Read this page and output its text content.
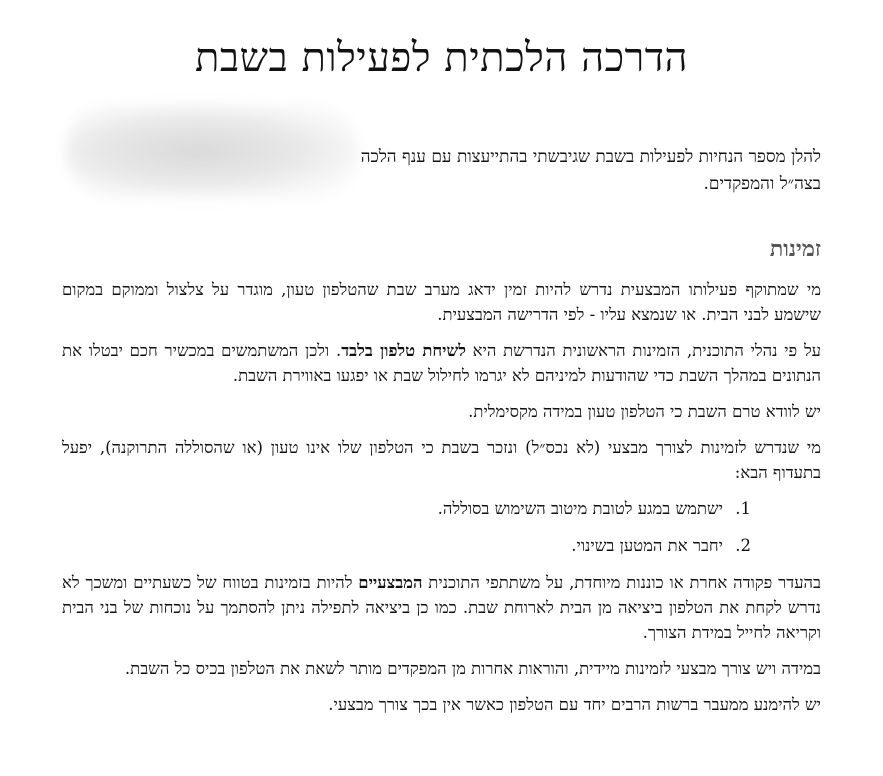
הדרכה הלכתית לפעילות בשבת
להלן מספר הנחיות לפעילות בשבת שגיבשתי בהתייעצות עם ענף הלכה בצה״ל והמפקדים.
זמינות

מי שמתוקף פעילותו המבצעית נדרש להיות זמין ידאג מערב שבת שהטלפון טעון, מוגדר על צלצול וממוקם במקום שישמע לבני הבית. או שנמצא עליו - לפי הדרישה המבצעית.

על פי נהלי התוכנית, הזמינות הראשונית הנדרשת היא לשיחת טלפון בלבד. ולכן המשתמשים במכשיר חכם יבטלו את הנתונים במהלך השבת כדי שהודעות למיניהם לא יגרמו לחילול שבת או יפגעו באווירת השבת.

יש לוודא טרם השבת כי הטלפון טעון במידה מקסימלית.

מי שנדרש לזמינות לצורך מבצעי (לא נכס״ל) ונזכר בשבת כי הטלפון שלו אינו טעון (או שהסוללה התרוקנה), יפעל בתעדוף הבא:

1.
ישתמש במגע לטובת מיטוב השימוש בסוללה.
2.
יחבר את המטען בשינוי.

בהעדר פקודה אחרת או כוננות מיוחדת, על משתתפי התוכנית המבצעיים להיות בזמינות בטווח של כשעתיים ומשכך לא נדרש לקחת את הטלפון ביציאה מן הבית לארוחת שבת. כמו כן ביציאה לתפילה ניתן להסתמך על נוכחות של בני הבית וקריאה לחייל במידת הצורך.

במידה ויש צורך מבצעי לזמינות מיידית, והוראות אחרות מן המפקדים מותר לשאת את הטלפון בכיס כל השבת.

יש להימנע ממעבר ברשות הרבים יחד עם הטלפון כאשר אין בכך צורך מבצעי.
